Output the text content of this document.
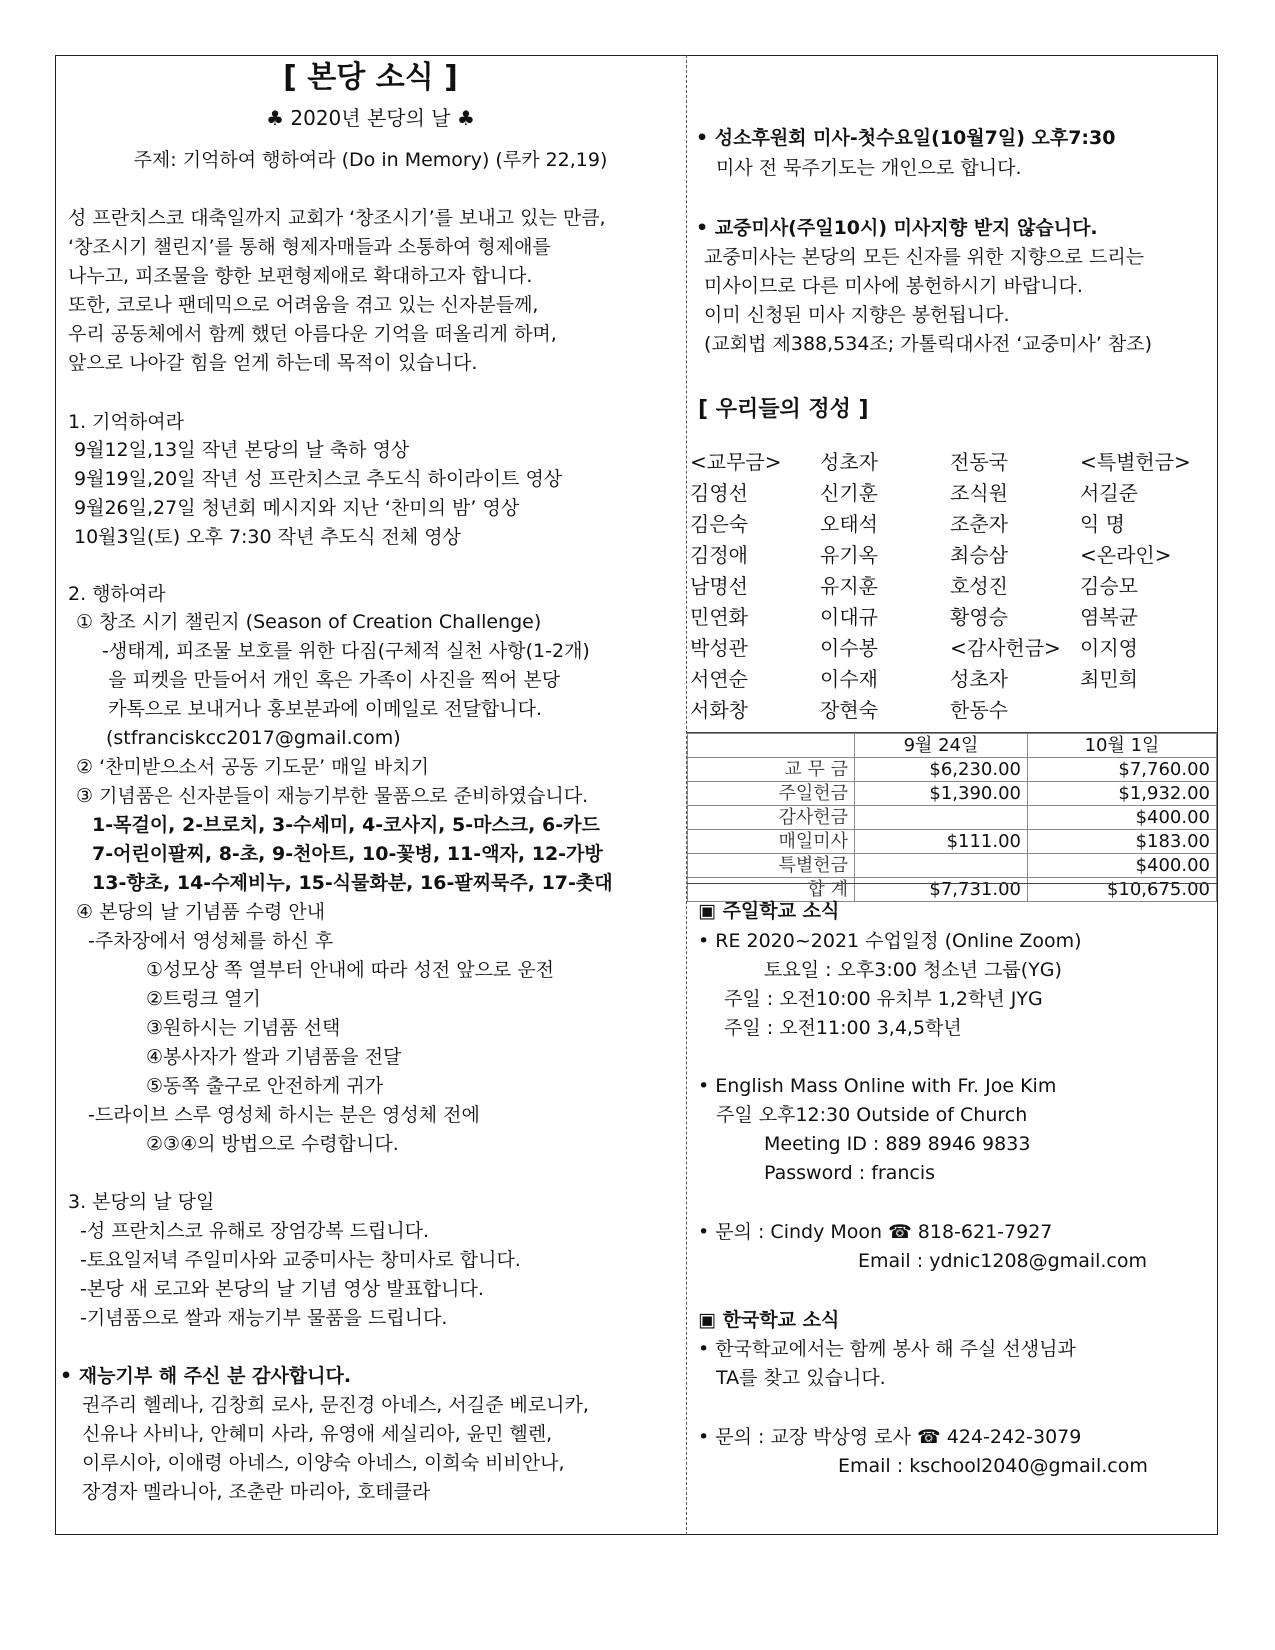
[ 본당 소식 ]
♣ 2020년 본당의 날 ♣
주제: 기억하여 행하여라 (Do in Memory) (루카 22,19)
성 프란치스코 대축일까지 교회가 ‘창조시기’를 보내고 있는 만큼,
‘창조시기 챌린지’를 통해 형제자매들과 소통하여 형제애를
나누고, 피조물을 향한 보편형제애로 확대하고자 합니다.
또한, 코로나 팬데믹으로 어려움을 겪고 있는 신자분들께,
우리 공동체에서 함께 했던 아름다운 기억을 떠올리게 하며,
앞으로 나아갈 힘을 얻게 하는데 목적이 있습니다.
1. 기억하여라
9월12일,13일 작년 본당의 날 축하 영상
9월19일,20일 작년 성 프란치스코 추도식 하이라이트 영상
9월26일,27일 청년회 메시지와 지난 ‘찬미의 밤’ 영상
10월3일(토) 오후 7:30 작년 추도식 전체 영상
2. 행하여라
① 창조 시기 챌린지 (Season of Creation Challenge)
-생태계, 피조물 보호를 위한 다짐(구체적 실천 사항(1-2개)
을 피켓을 만들어서 개인 혹은 가족이 사진을 찍어 본당
카톡으로 보내거나 홍보분과에 이메일로 전달합니다.
(stfranciskcc2017@gmail.com)
② ‘찬미받으소서 공동 기도문’ 매일 바치기
③ 기념품은 신자분들이 재능기부한 물품으로 준비하였습니다.
1-목걸이, 2-브로치, 3-수세미, 4-코사지, 5-마스크, 6-카드
7-어린이팔찌, 8-초, 9-천아트, 10-꽃병, 11-액자, 12-가방
13-향초, 14-수제비누, 15-식물화분, 16-팔찌묵주, 17-촛대
④ 본당의 날 기념품 수령 안내
-주차장에서 영성체를 하신 후
①성모상 쪽 열부터 안내에 따라 성전 앞으로 운전
②트렁크 열기
③원하시는 기념품 선택
④봉사자가 쌀과 기념품을 전달
⑤동쪽 출구로 안전하게 귀가
-드라이브 스루 영성체 하시는 분은 영성체 전에
②③④의 방법으로 수령합니다.
3. 본당의 날 당일
-성 프란치스코 유해로 장엄강복 드립니다.
-토요일저녁 주일미사와 교중미사는 창미사로 합니다.
-본당 새 로고와 본당의 날 기념 영상 발표합니다.
-기념품으로 쌀과 재능기부 물품을 드립니다.
• 재능기부 해 주신 분 감사합니다.
권주리 헬레나, 김창희 로사, 문진경 아네스, 서길준 베로니카,
신유나 사비나, 안혜미 사라, 유영애 세실리아, 윤민 헬렌,
이루시아, 이애령 아네스, 이양숙 아네스, 이희숙 비비안나,
장경자 멜라니아, 조춘란 마리아, 호테클라
• 성소후원회 미사-첫수요일(10월7일) 오후7:30
미사 전 묵주기도는 개인으로 합니다.
• 교중미사(주일10시) 미사지향 받지 않습니다.
교중미사는 본당의 모든 신자를 위한 지향으로 드리는
미사이므로 다른 미사에 봉헌하시기 바랍니다.
이미 신청된 미사 지향은 봉헌됩니다.
(교회법 제388,534조; 가톨릭대사전 ‘교중미사’ 참조)
[ 우리들의 정성 ]
<교무금> 성초자	전동국	<특별헌금>
김영선	신기훈	조식원	서길준
김은숙	오태석	조춘자	익 명
김정애	유기옥	최승삼	<온라인>
남명선	유지훈	호성진	김승모
민연화	이대규	황영승	염복균
박성관	이수봉	<감사헌금> 이지영
서연순	이수재	성초자	최민희
서화창	장현숙	한동수
	9월 24일	10월 1일
교 무 금	$6,230.00	$7,760.00
주일헌금	$1,390.00	$1,932.00
감사헌금		$400.00
매일미사	$111.00	$183.00
특별헌금		$400.00
합 계	$7,731.00	$10,675.00
▣ 주일학교 소식
• RE 2020~2021 수업일정 (Online Zoom)
토요일 : 오후3:00 청소년 그룹(YG)
주일 : 오전10:00 유치부 1,2학년 JYG
주일 : 오전11:00 3,4,5학년
• English Mass Online with Fr. Joe Kim
주일 오후12:30 Outside of Church
Meeting ID : 889 8946 9833
Password : francis
• 문의 : Cindy Moon ☎ 818-621-7927
Email : ydnic1208@gmail.com
▣ 한국학교 소식
• 한국학교에서는 함께 봉사 해 주실 선생님과
TA를 찾고 있습니다.
• 문의 : 교장 박상영 로사 ☎ 424-242-3079
Email : kschool2040@gmail.com
